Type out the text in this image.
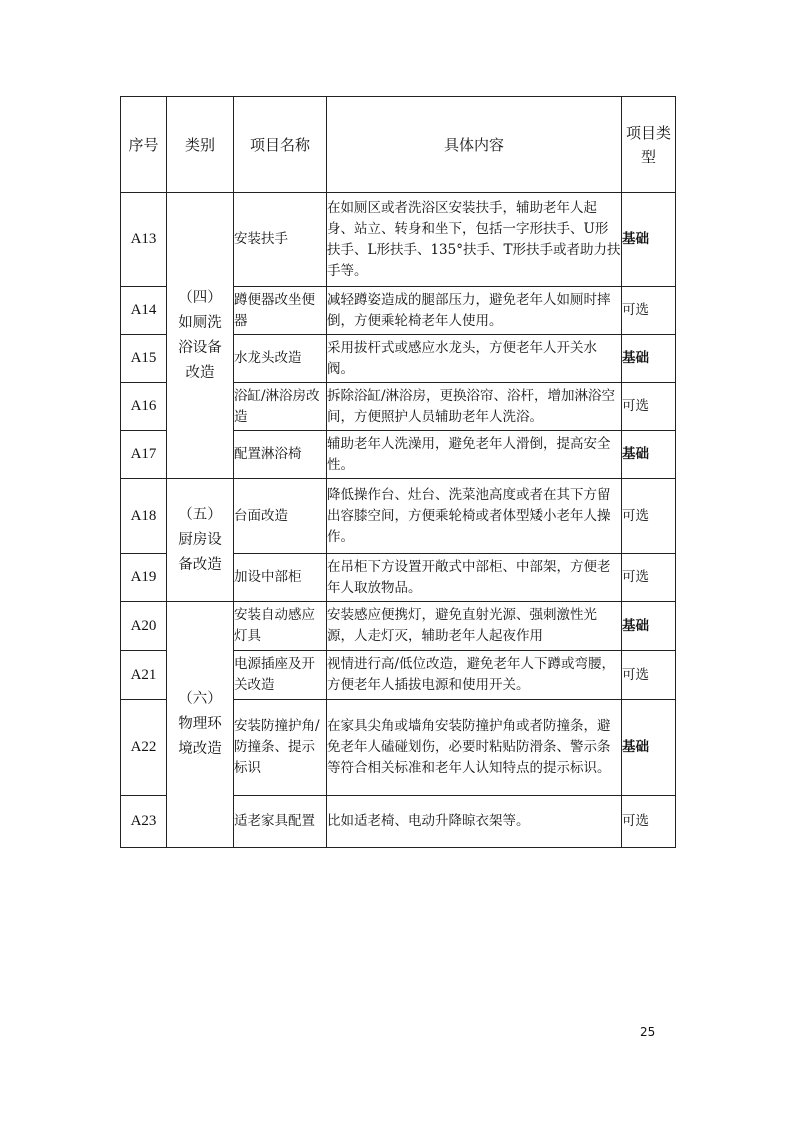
序号	类别	项目名称	具体内容	项目类型
A13	（四）如厕洗浴设备改造	安装扶手	在如厕区或者洗浴区安装扶手，辅助老年人起身、站立、转身和坐下，包括一字形扶手、U形扶手、L形扶手、135°扶手、T形扶手或者助力扶手等。	基础
A14		蹲便器改坐便器	减轻蹲姿造成的腿部压力，避免老年人如厕时摔倒，方便乘轮椅老年人使用。	可选
A15		水龙头改造	采用拔杆式或感应水龙头，方便老年人开关水阀。	基础
A16		浴缸/淋浴房改造	拆除浴缸/淋浴房，更换浴帘、浴杆，增加淋浴空间，方便照护人员辅助老年人洗浴。	可选
A17		配置淋浴椅	辅助老年人洗澡用，避免老年人滑倒，提高安全性。	基础
A18	（五）厨房设备改造	台面改造	降低操作台、灶台、洗菜池高度或者在其下方留出容膝空间，方便乘轮椅或者体型矮小老年人操作。	可选
A19		加设中部柜	在吊柜下方设置开敞式中部柜、中部架，方便老年人取放物品。	可选
A20	（六）物理环境改造	安装自动感应灯具	安装感应便携灯，避免直射光源、强刺激性光源，人走灯灭，辅助老年人起夜作用	基础
A21		电源插座及开关改造	视情进行高/低位改造，避免老年人下蹲或弯腰，方便老年人插拔电源和使用开关。	可选
A22		安装防撞护角/防撞条、提示标识	在家具尖角或墙角安装防撞护角或者防撞条，避免老年人磕碰划伤，必要时粘贴防滑条、警示条等符合相关标准和老年人认知特点的提示标识。	基础
A23		适老家具配置	比如适老椅、电动升降晾衣架等。	可选
25
